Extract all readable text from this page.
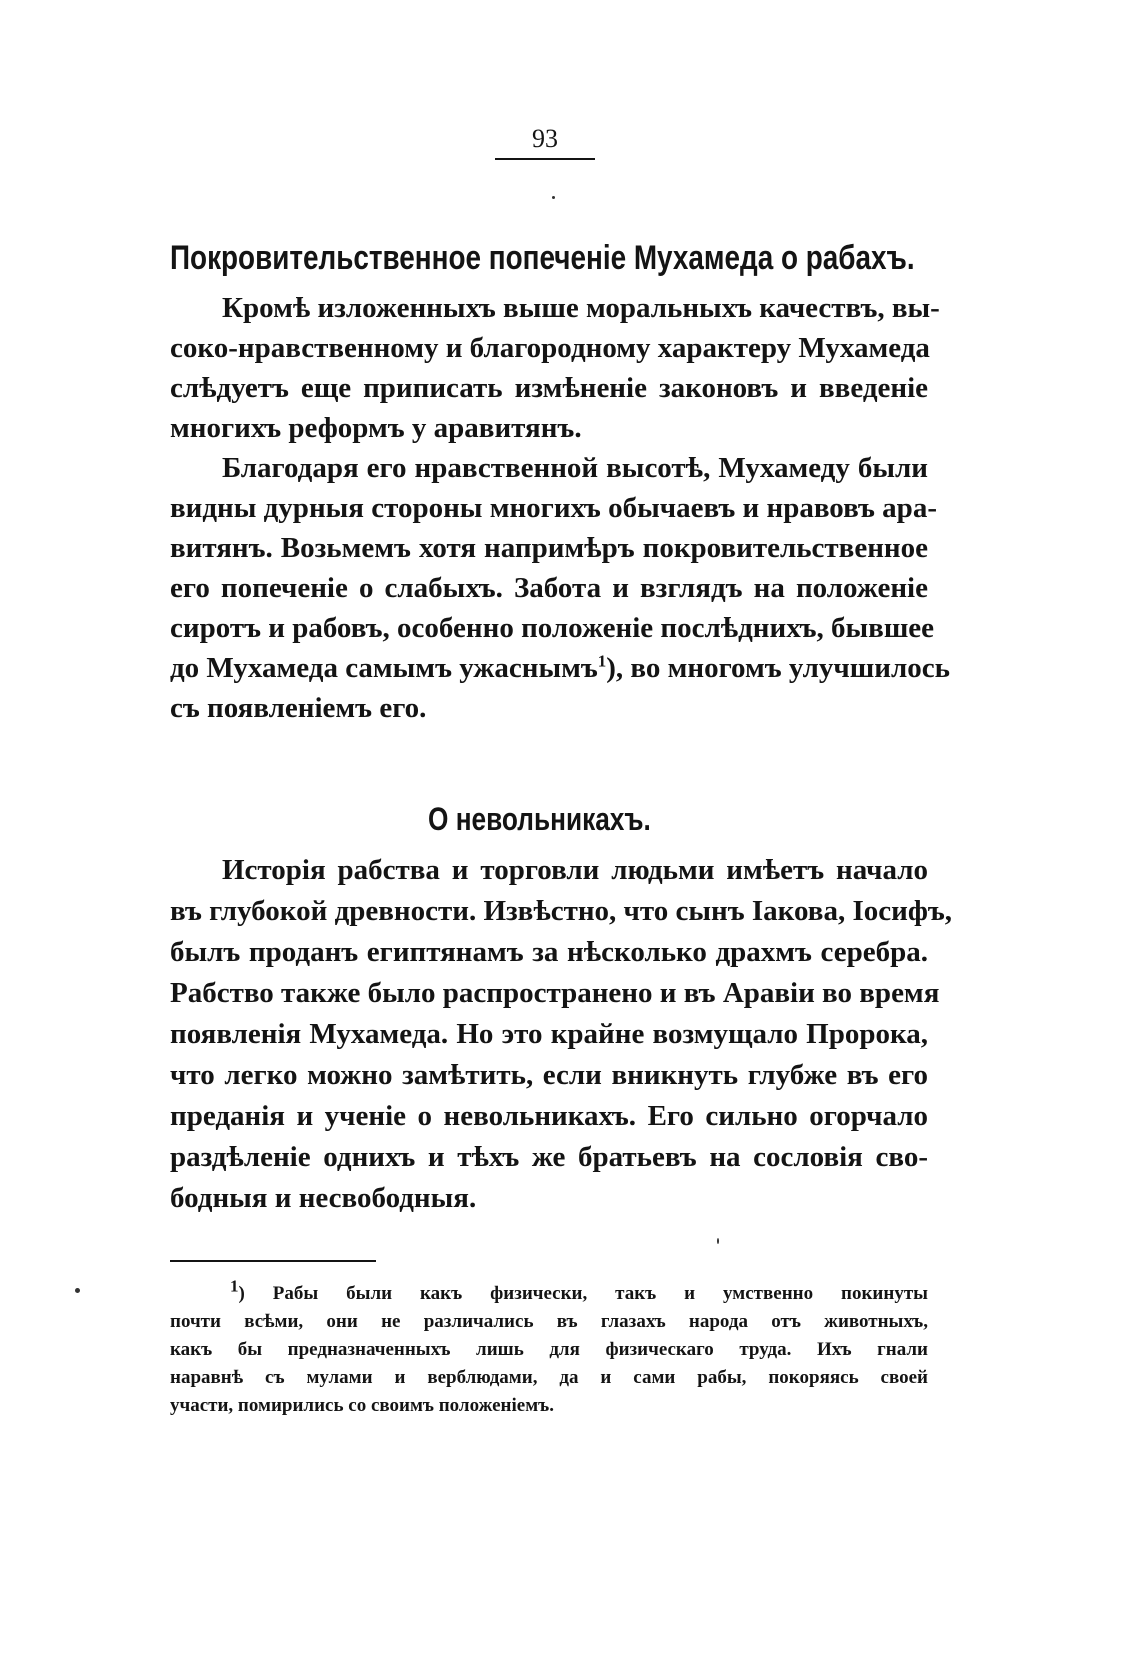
93
Покровительственное попеченіе Мухамеда о рабахъ.
Кромѣ изложенныхъ выше моральныхъ качествъ, вы-
соко-нравственному и благородному характеру Мухамеда
слѣдуетъ еще приписать измѣненіе законовъ и введеніе
многихъ реформъ у аравитянъ.
Благодаря его нравственной высотѣ, Мухамеду были
видны дурныя стороны многихъ обычаевъ и нравовъ ара-
витянъ. Возьмемъ хотя напримѣръ покровительственное
его попеченіе о слабыхъ. Забота и взглядъ на положеніе
сиротъ и рабовъ, особенно положеніе послѣднихъ, бывшее
до Мухамеда самымъ ужаснымъ$^1$), во многомъ улучшилось
съ появленіемъ его.
О невольникахъ.
Исторія рабства и торговли людьми имѣетъ начало
въ глубокой древности. Извѣстно, что сынъ Іакова, Іосифъ,
былъ проданъ египтянамъ за нѣсколько драхмъ серебра.
Рабство также было распространено и въ Аравіи во время
появленія Мухамеда. Но это крайне возмущало Пророка,
что легко можно замѣтить, если вникнуть глубже въ его
преданія и ученіе о невольникахъ. Его сильно огорчало
раздѣленіе однихъ и тѣхъ же братьевъ на сословія сво-
бодныя и несвободныя.
$^1$) Рабы были какъ физически, такъ и умственно покинуты
почти всѣми, они не различались въ глазахъ народа отъ животныхъ,
какъ бы предназначенныхъ лишь для физическаго труда. Ихъ гнали
наравнѣ съ мулами и верблюдами, да и сами рабы, покоряясь своей
участи, помирились со своимъ положеніемъ.
